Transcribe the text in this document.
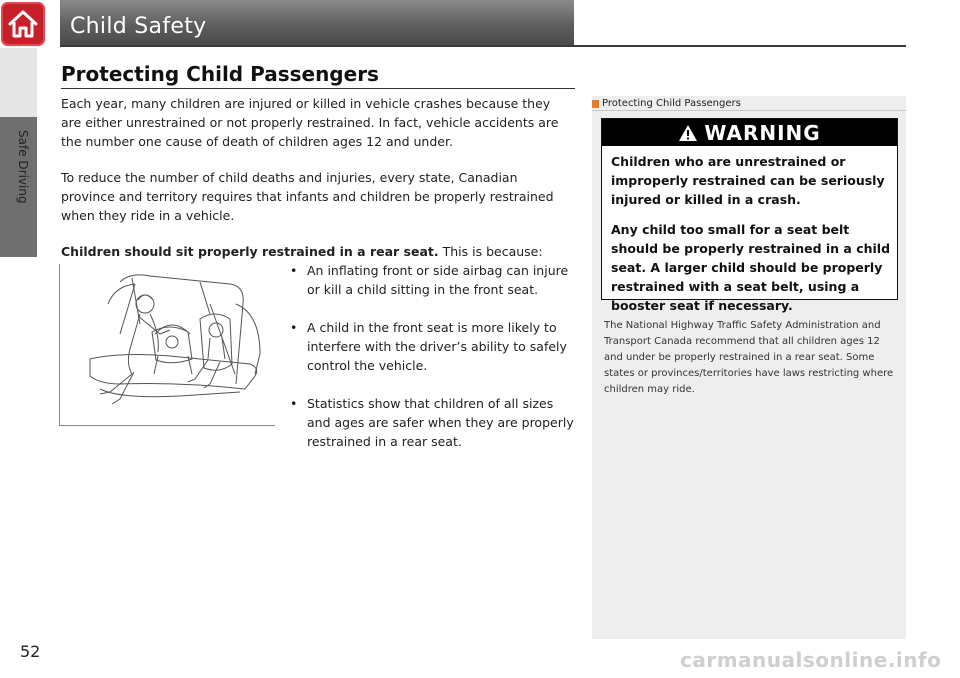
Safe Driving
52
Child Safety
Protecting Child Passengers
Each year, many children are injured or killed in vehicle crashes because they are either unrestrained or not properly restrained. In fact, vehicle accidents are the number one cause of death of children ages 12 and under.
To reduce the number of child deaths and injuries, every state, Canadian province and territory requires that infants and children be properly restrained when they ride in a vehicle.
Children should sit properly restrained in a rear seat. This is because:
• An inflating front or side airbag can injure or kill a child sitting in the front seat.
• A child in the front seat is more likely to interfere with the driver’s ability to safely control the vehicle.
• Statistics show that children of all sizes and ages are safer when they are properly restrained in a rear seat.
Protecting Child Passengers
WARNING
Children who are unrestrained or improperly restrained can be seriously injured or killed in a crash.
Any child too small for a seat belt should be properly restrained in a child seat. A larger child should be properly restrained with a seat belt, using a booster seat if necessary.
The National Highway Traffic Safety Administration and Transport Canada recommend that all children ages 12 and under be properly restrained in a rear seat. Some states or provinces/territories have laws restricting where children may ride.
carmanualsonline.info
